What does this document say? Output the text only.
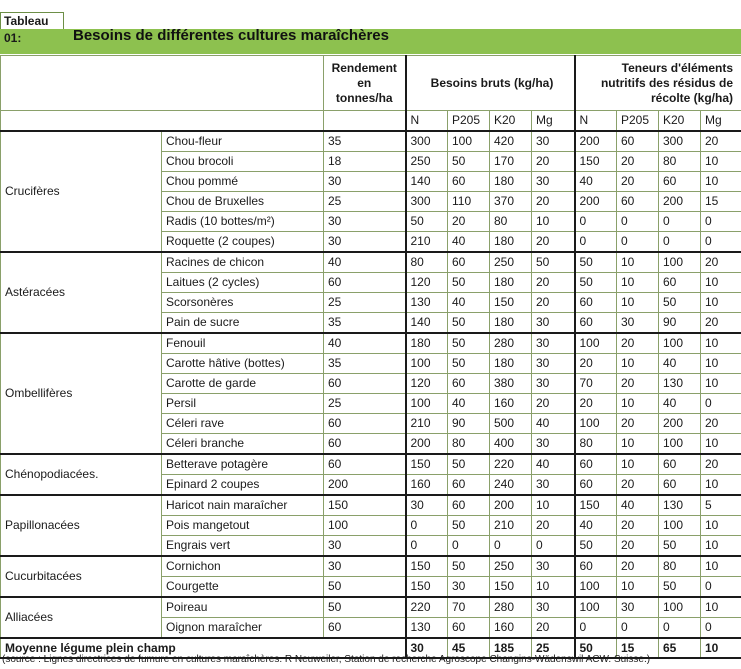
Tableau 01:	Besoins de différentes cultures maraîchères
		Rendement en tonnes/ha	Besoins bruts (kg/ha)				Teneurs d'éléments nutritifs des résidus de récolte (kg/ha)			
			N	P205	K20	Mg	N	P205	K20	Mg
Crucifères	Chou-fleur	35	300	100	420	30	200	60	300	20
	Chou brocoli	18	250	50	170	20	150	20	80	10
	Chou pommé	30	140	60	180	30	40	20	60	10
	Chou de Bruxelles	25	300	110	370	20	200	60	200	15
	Radis (10 bottes/m²)	30	50	20	80	10	0	0	0	0
	Roquette (2 coupes)	30	210	40	180	20	0	0	0	0
Astéracées	Racines de chicon	40	80	60	250	50	50	10	100	20
	Laitues (2 cycles)	60	120	50	180	20	50	10	60	10
	Scorsonères	25	130	40	150	20	60	10	50	10
	Pain de sucre	35	140	50	180	30	60	30	90	20
Ombellifères	Fenouil	40	180	50	280	30	100	20	100	10
	Carotte hâtive (bottes)	35	100	50	180	30	20	10	40	10
	Carotte de garde	60	120	60	380	30	70	20	130	10
	Persil	25	100	40	160	20	20	10	40	0
	Céleri rave	60	210	90	500	40	100	20	200	20
	Céleri branche	60	200	80	400	30	80	10	100	10
Chénopodiacées.	Betterave potagère	60	150	50	220	40	60	10	60	20
	Epinard 2 coupes	200	160	60	240	30	60	20	60	10
Papillonacées	Haricot nain maraîcher	150	30	60	200	10	150	40	130	5
	Pois mangetout	100	0	50	210	20	40	20	100	10
	Engrais vert	30	0	0	0	0	50	20	50	10
Cucurbitacées	Cornichon	30	150	50	250	30	60	20	80	10
	Courgette	50	150	30	150	10	100	10	50	0
Alliacées	Poireau	50	220	70	280	30	100	30	100	10
	Oignon maraîcher	60	130	60	160	20	0	0	0	0
Moyenne légume plein champ			30	45	185	25	50	15	65	10
(source : Lignes directrices de fumure en cultures maraîchères. R Neuweiler, Station de recherche Agroscope Changins-Wädenswil ACW. Suisse.)
